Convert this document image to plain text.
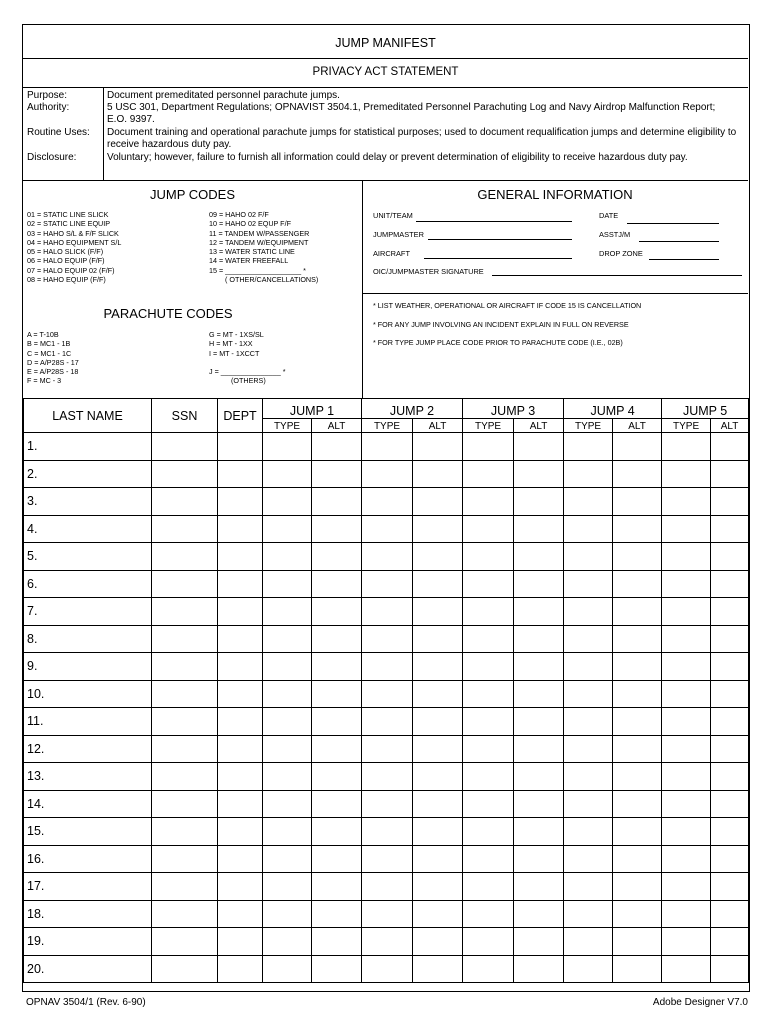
JUMP MANIFEST
PRIVACY ACT STATEMENT
Purpose:	Document premeditated personnel parachute jumps.
Authority:	5 USC 301, Department Regulations; OPNAVIST 3504.1, Premeditated Personnel Parachuting Log and Navy Airdrop Malfunction Report; E.O. 9397.
Routine Uses: Document training and operational parachute jumps for statistical purposes; used to document requalification jumps and determine eligibility to receive hazardous duty pay.
Disclosure:	Voluntary; however, failure to furnish all information could delay or prevent determination of eligibility to receive hazardous duty pay.
JUMP CODES
01 = STATIC LINE SLICK
02 = STATIC LINE EQUIP
03 = HAHO S/L & F/F SLICK
04 = HAHO EQUIPMENT S/L
05 = HALO SLICK (F/F)
06 = HALO EQUIP (F/F)
07 = HALO EQUIP 02 (F/F)
08 = HAHO EQUIP (F/F)
09 = HAHO 02 F/F
10 = HAHO 02 EQUP F/F
11 = TANDEM W/PASSENGER
12 = TANDEM W/EQUIPMENT
13 = WATER STATIC LINE
14 = WATER FREEFALL
15 = ___________________ *
( OTHER/CANCELLATIONS)
PARACHUTE CODES
A = T-10B
B = MC1 - 1B
C = MC1 - 1C
D = A/P28S - 17
E = A/P28S - 18
F = MC - 3
G = MT - 1XS/SL
H = MT - 1XX
I = MT - 1XCCT
J = _______________ *
(OTHERS)
GENERAL INFORMATION
UNIT/TEAM	DATE
JUMPMASTER	ASSTJ/M
AIRCRAFT	DROP ZONE
OIC/JUMPMASTER SIGNATURE
* LIST WEATHER, OPERATIONAL OR AIRCRAFT IF CODE 15 IS CANCELLATION
* FOR ANY JUMP INVOLVING AN INCIDENT EXPLAIN IN FULL ON REVERSE
* FOR TYPE JUMP PLACE CODE PRIOR TO PARACHUTE CODE (I.E., 02B)
LAST NAME	SSN	DEPT	JUMP 1		JUMP 2		JUMP 3		JUMP 4		JUMP 5	
			TYPE	ALT	TYPE	ALT	TYPE	ALT	TYPE	ALT	TYPE	ALT
1.												
2.												
3.												
4.												
5.												
6.												
7.												
8.												
9.												
10.												
11.												
12.												
13.												
14.												
15.												
16.												
17.												
18.												
19.												
20.												
OPNAV 3504/1 (Rev. 6-90)	Adobe Designer V7.0
